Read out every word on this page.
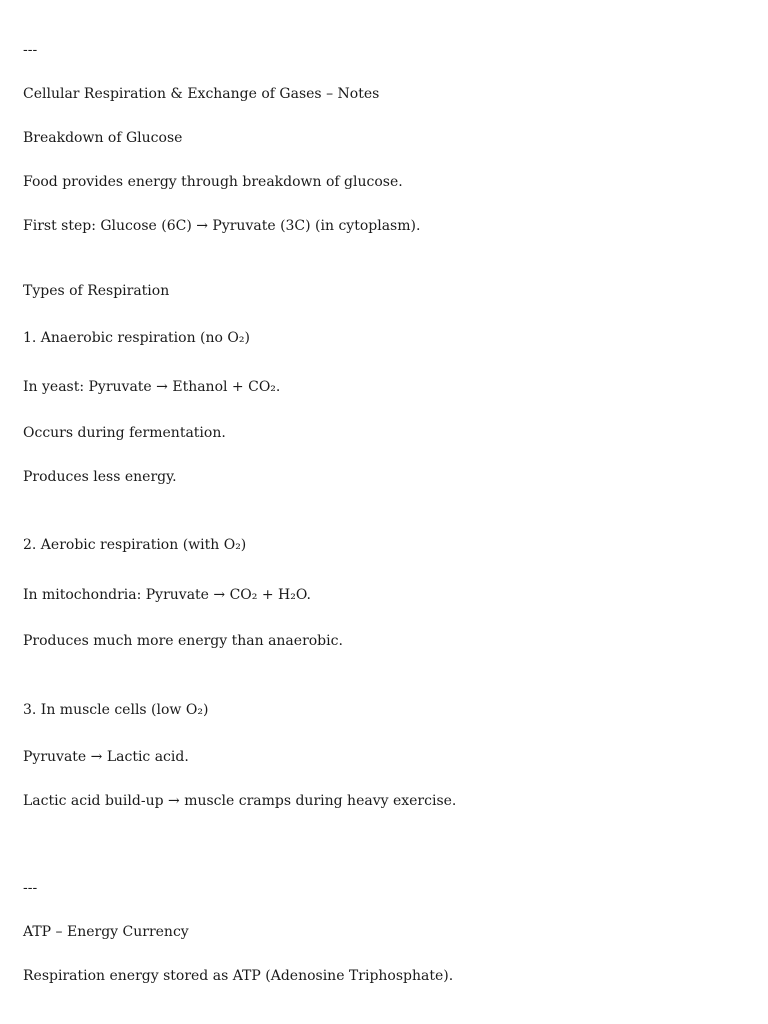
---

Cellular Respiration & Exchange of Gases – Notes

Breakdown of Glucose

Food provides energy through breakdown of glucose.

First step: Glucose (6C) → Pyruvate (3C) (in cytoplasm).

Types of Respiration

1. Anaerobic respiration (no O₂)

In yeast: Pyruvate → Ethanol + CO₂.

Occurs during fermentation.

Produces less energy.

2. Aerobic respiration (with O₂)

In mitochondria: Pyruvate → CO₂ + H₂O.

Produces much more energy than anaerobic.

3. In muscle cells (low O₂)

Pyruvate → Lactic acid.

Lactic acid build-up → muscle cramps during heavy exercise.

---

ATP – Energy Currency

Respiration energy stored as ATP (Adenosine Triphosphate).
